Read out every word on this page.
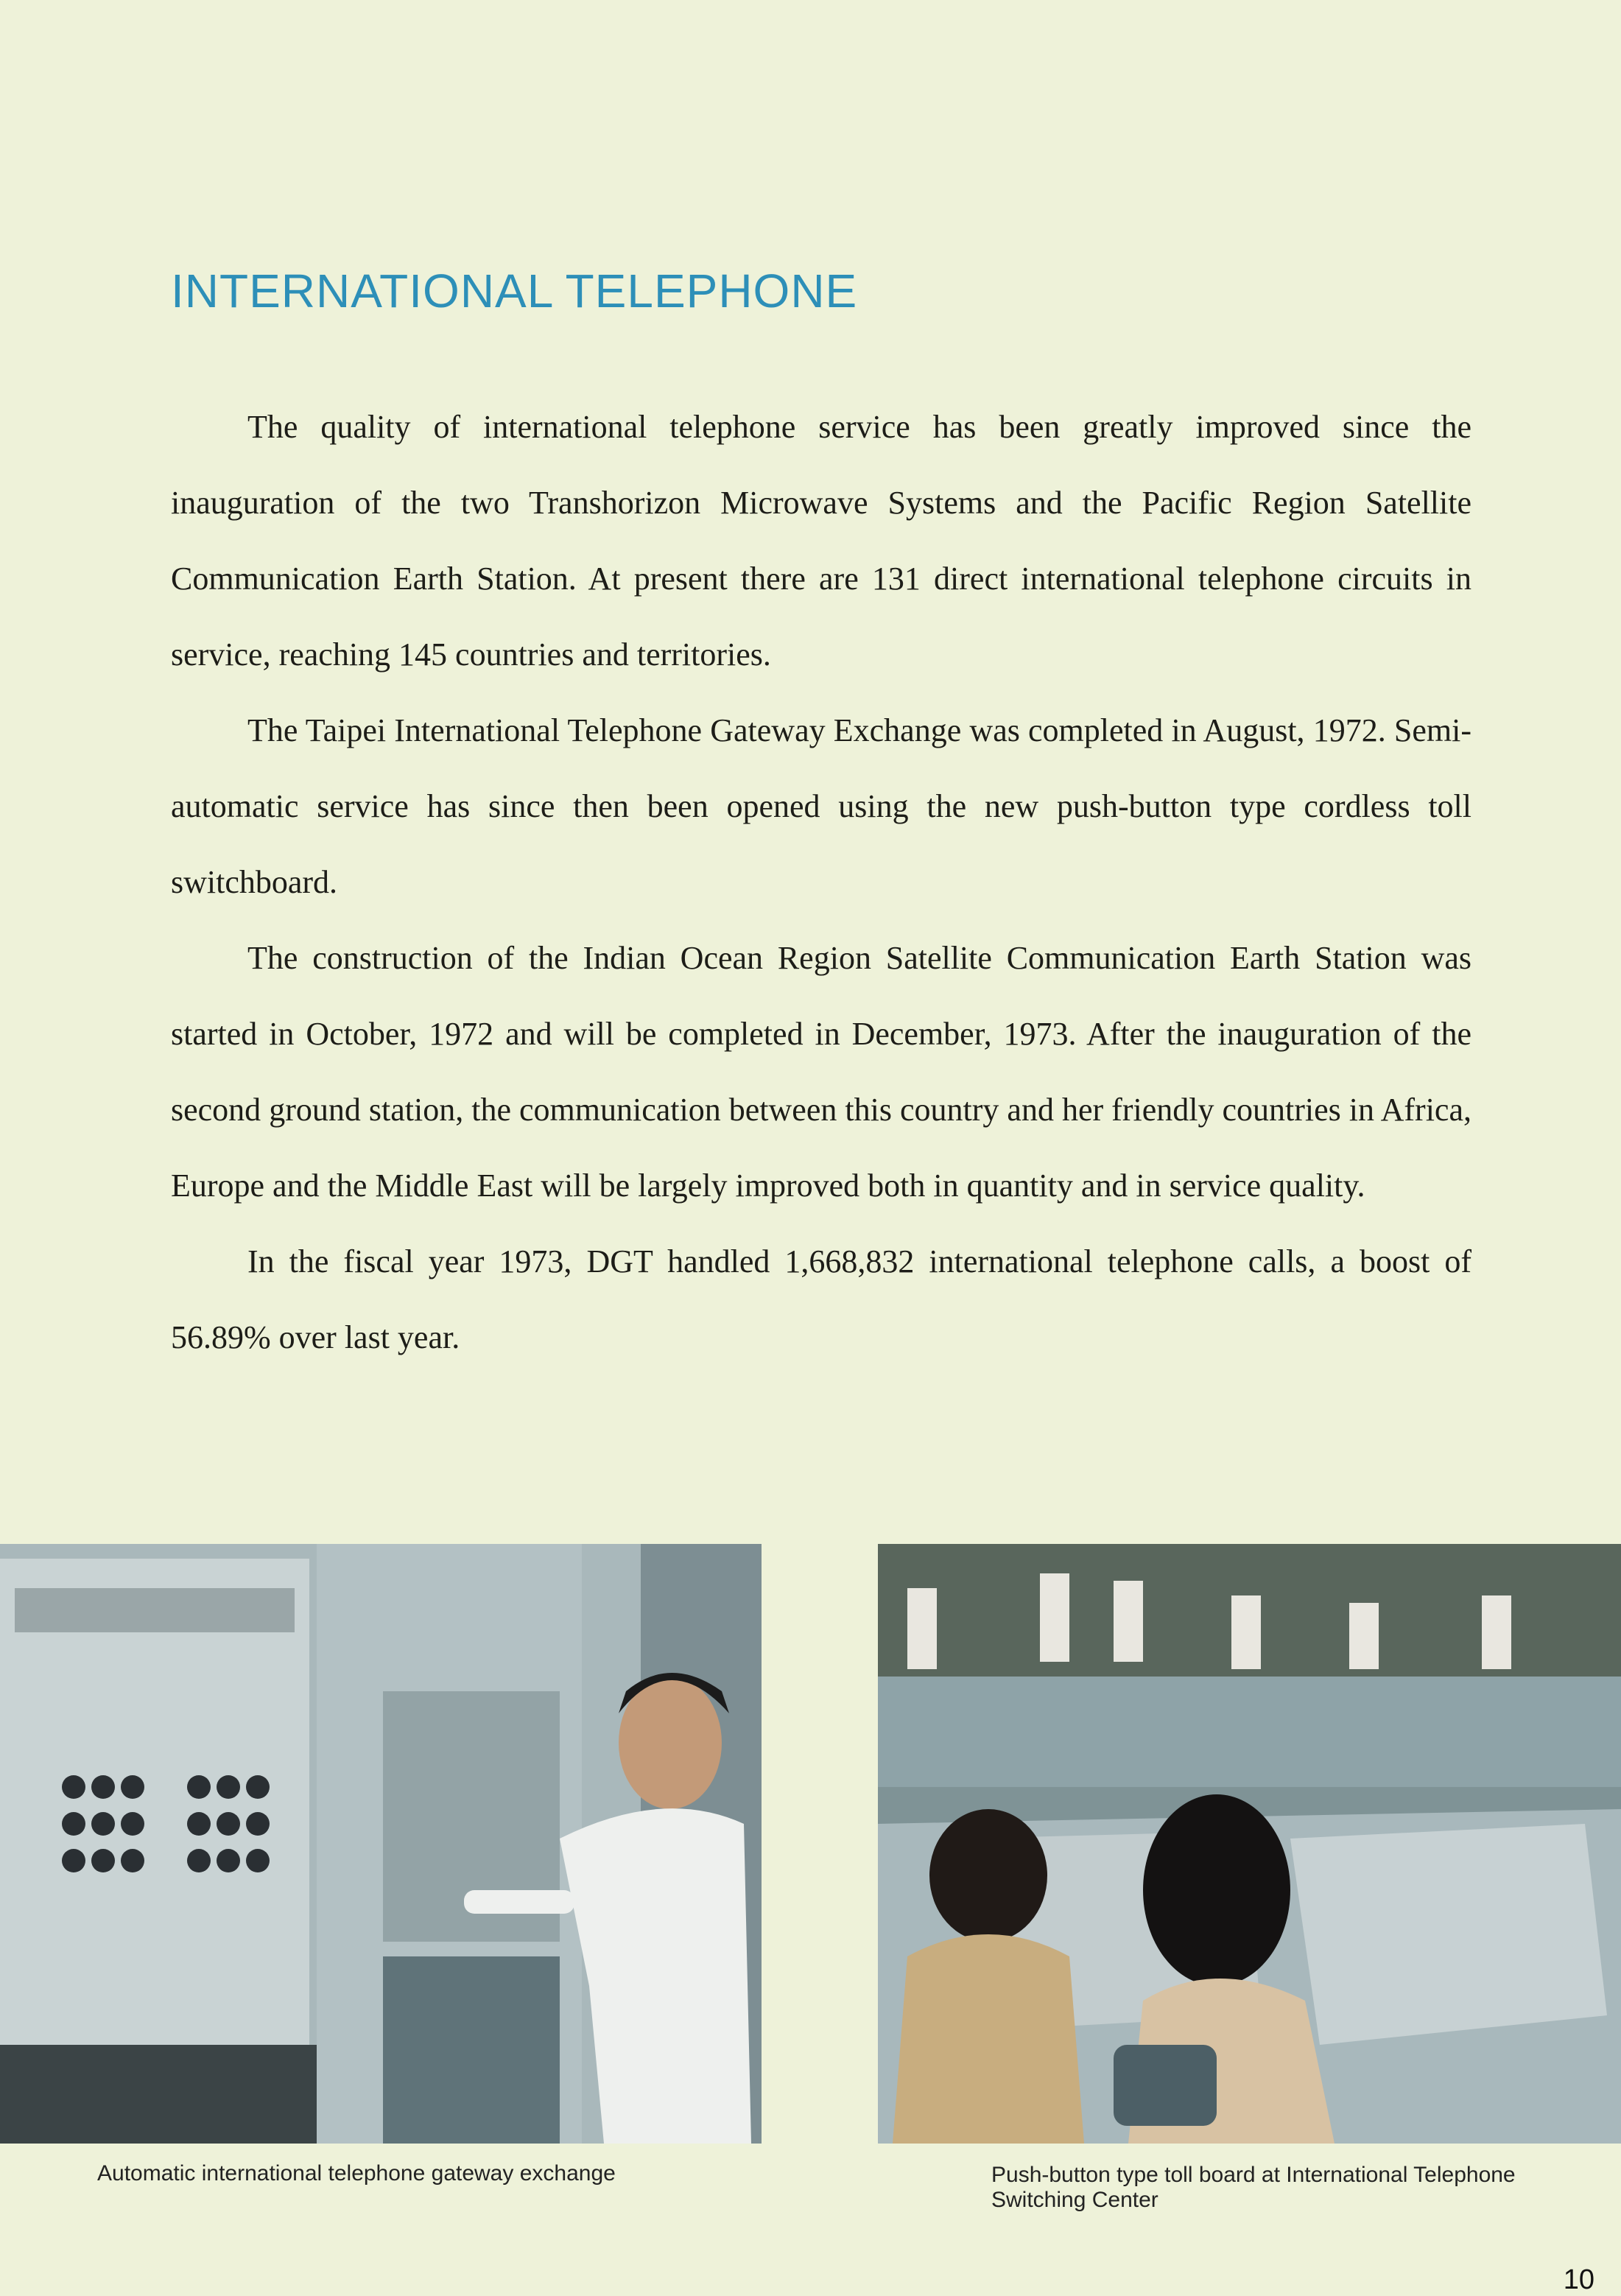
INTERNATIONAL TELEPHONE

The quality of international telephone service has been greatly improved since the inauguration of the two Transhorizon Microwave Systems and the Pacific Region Satellite Communication Earth Station. At present there are 131 direct international telephone circuits in service, reaching 145 countries and territories.

The Taipei International Telephone Gateway Exchange was completed in August, 1972. Semi-automatic service has since then been opened using the new push-button type cordless toll switchboard.

The construction of the Indian Ocean Region Satellite Communication Earth Station was started in October, 1972 and will be completed in December, 1973. After the inauguration of the second ground station, the communication between this country and her friendly countries in Africa, Europe and the Middle East will be largely improved both in quantity and in service quality.

In the fiscal year 1973, DGT handled 1,668,832 international telephone calls, a boost of 56.89% over last year.

Automatic international telephone gateway exchange	Push-button type toll board at International Telephone
Switching Center
10
